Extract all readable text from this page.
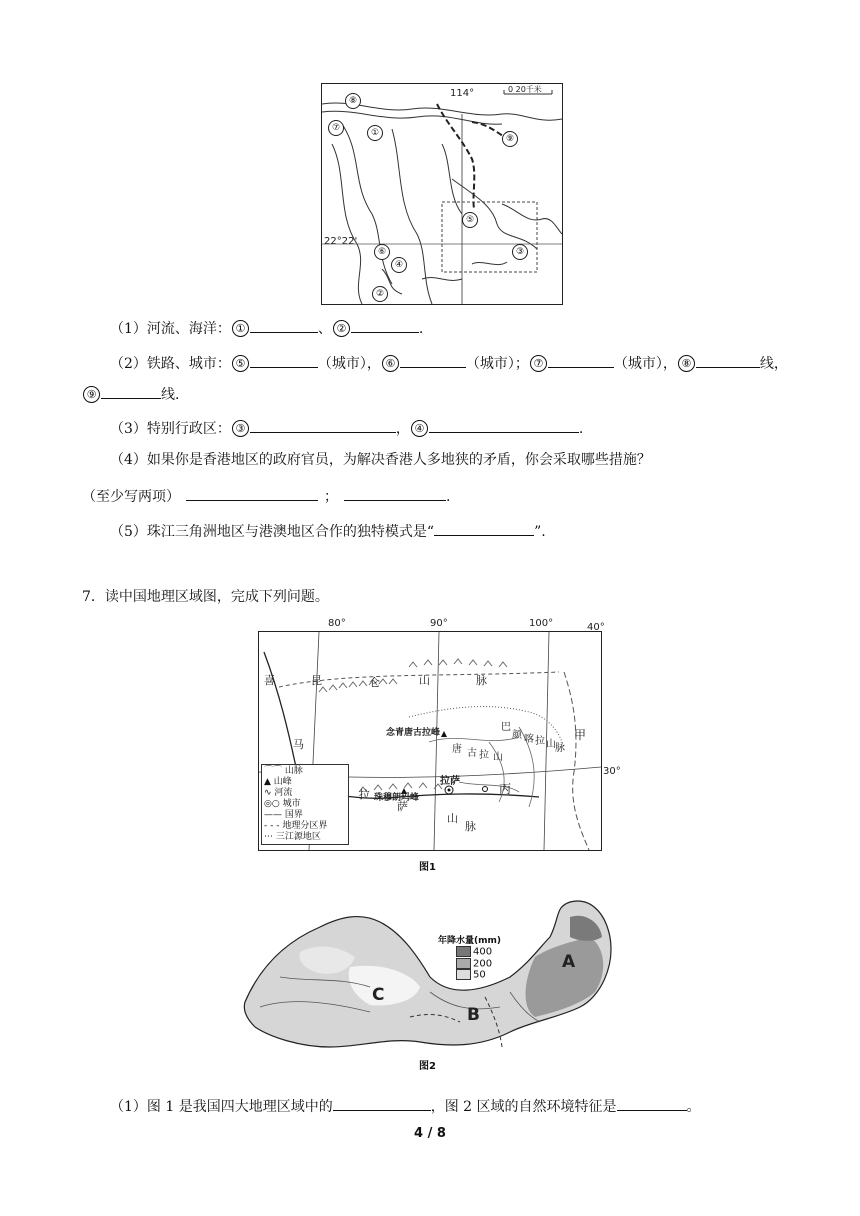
114°	0 20千米
22°22'
⑧
⑦	①
⑨
⑤
⑥
④
③
②
（1）河流、海洋： ①	、 ②	.
（2）铁路、城市： ⑤	（城市）， ⑥	（城市）； ⑦	（城市）， ⑧	线，
⑨	线.
（3）特别行政区： ③	， ④	.
（4）如果你是香港地区的政府官员，为解决香港人多地狭的矛盾，你会采取哪些措施？
（至少写两项）	；	.
（5）珠江三角洲地区与港澳地区合作的独特模式是“	”.
7．读中国地理区域图，完成下列问题。
80°	90°	100°	40°
30°
喜
马
昆	仑	山	脉
念青唐古拉峰
唐 古 拉 山
巴
颜 喀 拉 山 脉
甲
拉
萨
拉萨
珠穆朗玛峰
山
脉
丙
⌒⌒ 山脉
▲ 山峰
∿ 河流
◎○ 城市
—— 国界
- - - 地理分区界
⋯ 三江源地区
图1
A
B
C
年降水量(mm)
400
200
50
图2
（1）图 1 是我国四大地理区域中的	，图 2 区域的自然环境特征是	。
4 / 8
